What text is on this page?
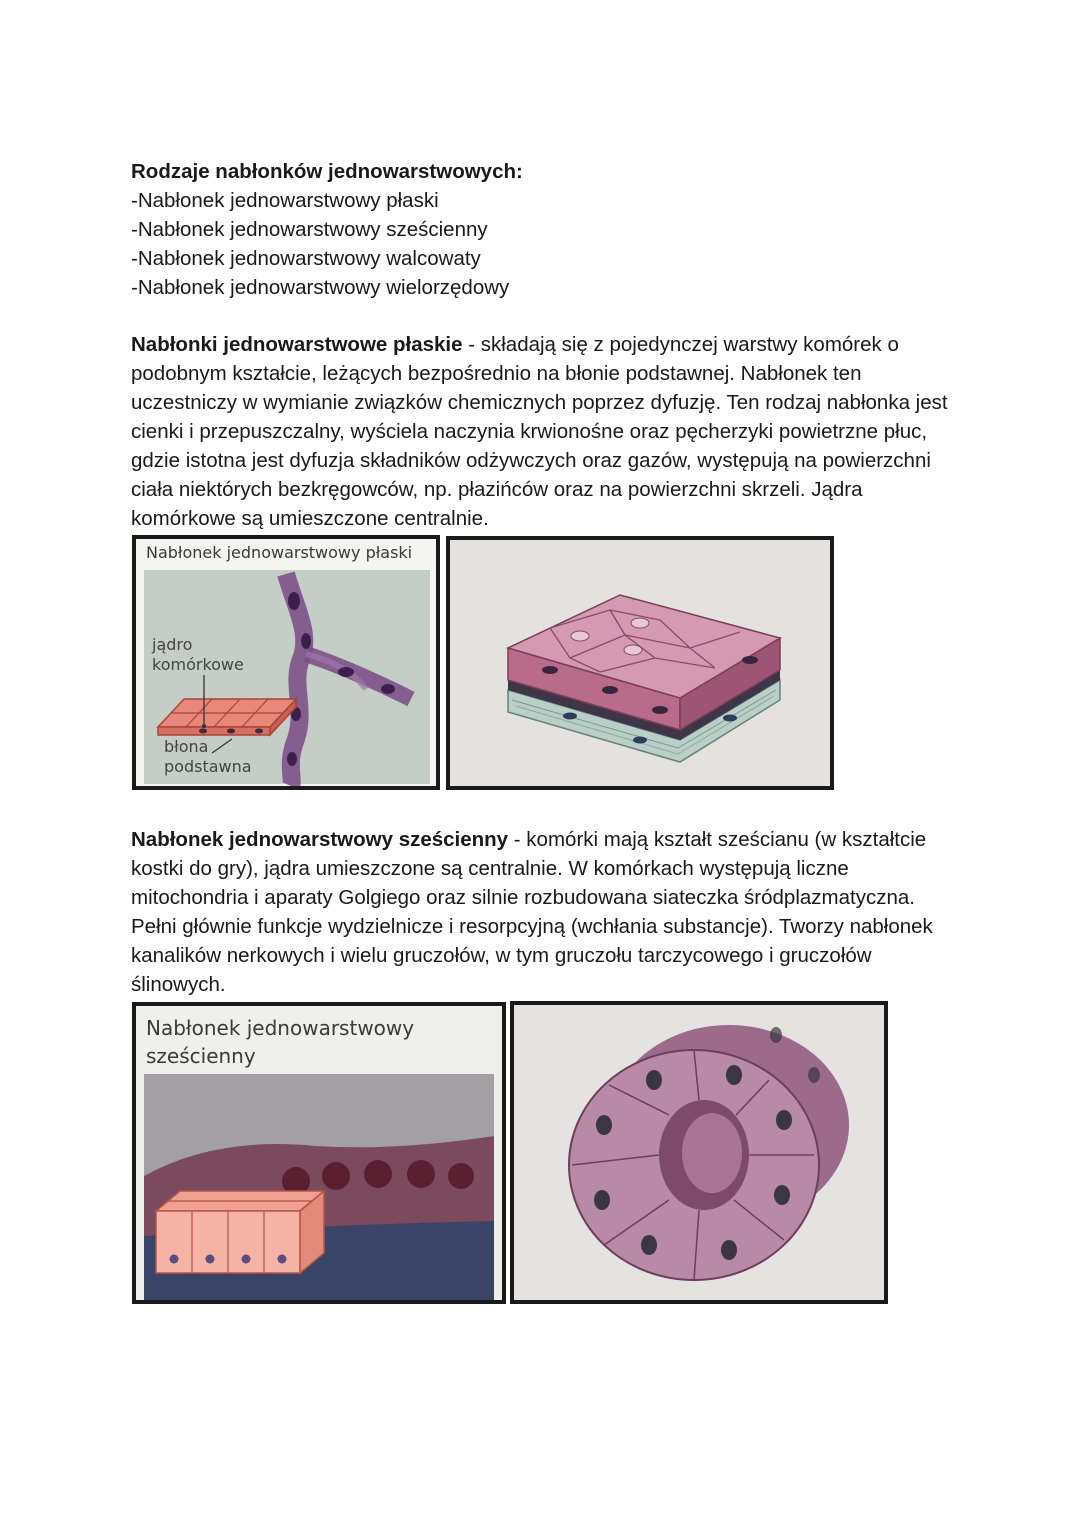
Rodzaje nabłonków jednowarstwowych:
-Nabłonek jednowarstwowy płaski
-Nabłonek jednowarstwowy sześcienny
-Nabłonek jednowarstwowy walcowaty
-Nabłonek jednowarstwowy wielorzędowy
Nabłonki jednowarstwowe płaskie - składają się z pojedynczej warstwy komórek o podobnym kształcie, leżących bezpośrednio na błonie podstawnej. Nabłonek ten uczestniczy w wymianie związków chemicznych poprzez dyfuzję. Ten rodzaj nabłonka jest cienki i przepuszczalny, wyściela naczynia krwionośne oraz pęcherzyki powietrzne płuc, gdzie istotna jest dyfuzja składników odżywczych oraz gazów, występują na powierzchni ciała niektórych bezkręgowców, np. płazińców oraz na powierzchni skrzeli. Jądra komórkowe są umieszczone centralnie.
Nabłonek jednowarstwowy płaski
jądro
komórkowe
błona
podstawna
Nabłonek jednowarstwowy sześcienny - komórki mają kształt sześcianu (w kształtcie kostki do gry), jądra umieszczone są centralnie. W komórkach występują liczne mitochondria i aparaty Golgiego oraz silnie rozbudowana siateczka śródplazmatyczna. Pełni głównie funkcje wydzielnicze i resorpcyjną (wchłania substancje). Tworzy nabłonek kanalików nerkowych i wielu gruczołów, w tym gruczołu tarczycowego i gruczołów ślinowych.
Nabłonek jednowarstwowy
sześcienny
